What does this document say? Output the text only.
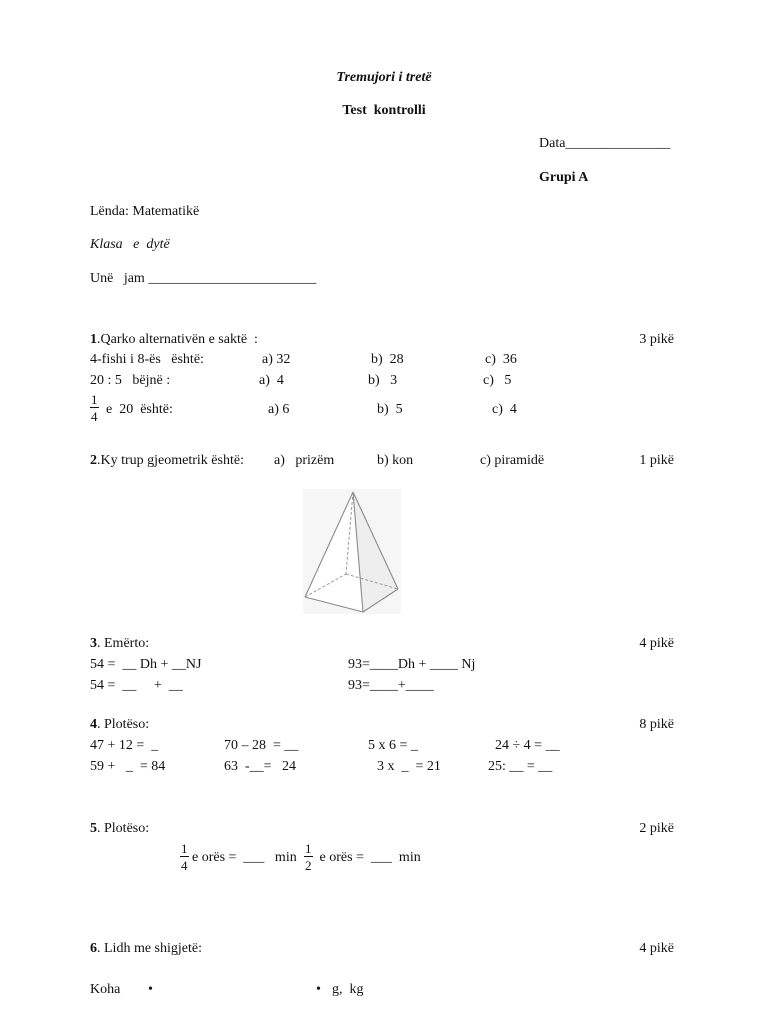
Tremujori i tretë
Test  kontrolli
Data_______________
Grupi A
Lënda: Matematikë
Klasa   e  dytë
Unë   jam ________________________
1.Qarko alternativën e saktë  :	3 pikë
4-fishi i 8-ës   është:	a) 32	b)  28	c)  36
20 : 5   bëjnë :	a)  4	b)   3	c)   5
$\frac{1}{4}$ e  20  është:	a) 6	b)  5	c)  4
2.Ky trup gjeometrik është: a)   prizëm	b) kon	c) piramidë	1 pikë
3. Emërto:	4 pikë
54 =  __ Dh + __NJ	93=____Dh + ____ Nj
54 =  __     +  __	93=____+____
4. Plotëso:	8 pikë
47 + 12 =  _	70 – 28  = __	5 x 6 = _	24 ÷ 4 = __
59 +   _  = 84	63  -__=   24	3 x  _  = 21	25: __ = __
5. Plotëso:	2 pikë
$\frac{1}{4}$ e orës =  ___   $\min \frac{1}{2}$ e orës =  ___  min
6. Lidh me shigjetë:	4 pikë
Koha •	• g,  kg
